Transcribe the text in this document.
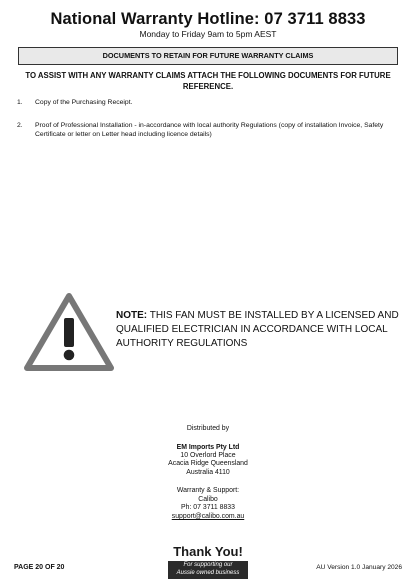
National Warranty Hotline: 07 3711 8833
Monday to Friday 9am to 5pm AEST
DOCUMENTS TO RETAIN FOR FUTURE WARRANTY CLAIMS
TO ASSIST WITH ANY WARRANTY CLAIMS ATTACH THE FOLLOWING DOCUMENTS FOR FUTURE REFERENCE.
1. Copy of the Purchasing Receipt.
2. Proof of Professional Installation - in-accordance with local authority Regulations (copy of installation Invoice, Safety Certificate or letter on Letter head including licence details)
NOTE: THIS FAN MUST BE INSTALLED BY A LICENSED AND QUALIFIED ELECTRICIAN IN ACCORDANCE WITH LOCAL AUTHORITY REGULATIONS
Distributed by
EM Imports Pty Ltd
10 Overlord Place
Acacia Ridge Queensland
Australia 4110
Warranty & Support:
Calibo
Ph: 07 3711 8833
support@calibo.com.au
PAGE 20 OF 20
Thank You!
For supporting our
Aussie owned business
AU Version 1.0 January 2026
